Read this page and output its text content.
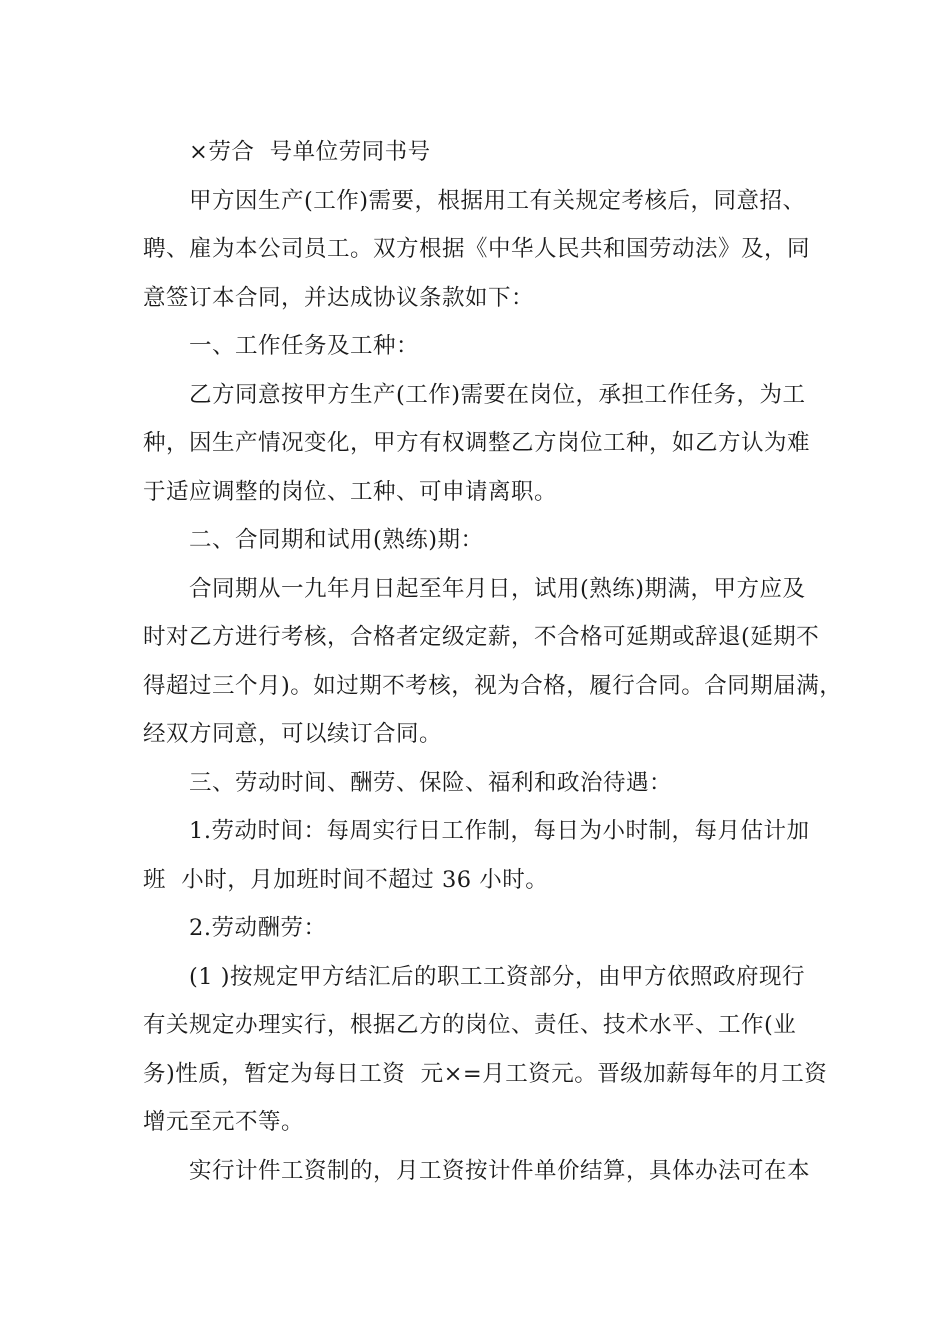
×劳合  号单位劳同书号
甲方因生产(工作)需要，根据用工有关规定考核后，同意招、
聘、雇为本公司员工。双方根据《中华人民共和国劳动法》及，同
意签订本合同，并达成协议条款如下：
一、工作任务及工种：
乙方同意按甲方生产(工作)需要在岗位，承担工作任务，为工
种，因生产情况变化，甲方有权调整乙方岗位工种，如乙方认为难
于适应调整的岗位、工种、可申请离职。
二、合同期和试用(熟练)期：
合同期从一九年月日起至年月日，试用(熟练)期满，甲方应及
时对乙方进行考核，合格者定级定薪，不合格可延期或辞退(延期不
得超过三个月)。如过期不考核，视为合格，履行合同。合同期届满，
经双方同意，可以续订合同。
三、劳动时间、酬劳、保险、福利和政治待遇：
1.劳动时间：每周实行日工作制，每日为小时制，每月估计加
班  小时，月加班时间不超过 36 小时。
2.劳动酬劳：
(1 )按规定甲方结汇后的职工工资部分，由甲方依照政府现行
有关规定办理实行，根据乙方的岗位、责任、技术水平、工作(业
务)性质，暂定为每日工资  元×=月工资元。晋级加薪每年的月工资
增元至元不等。
实行计件工资制的，月工资按计件单价结算，具体办法可在本
